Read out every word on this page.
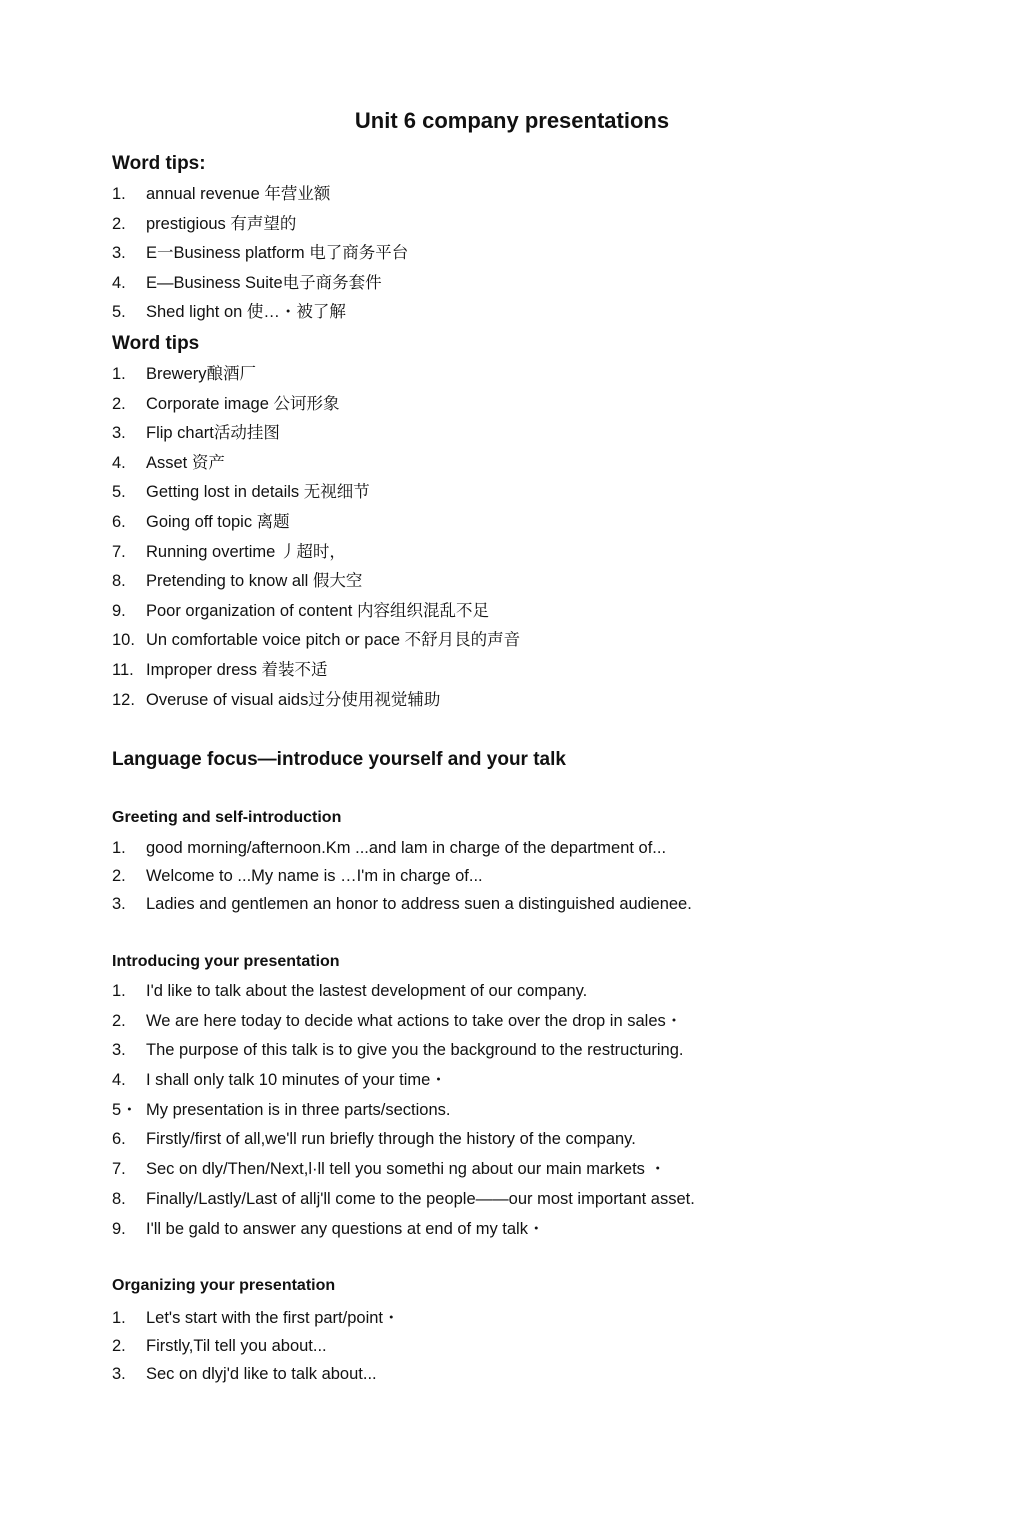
Unit 6 company presentations
Word tips:
1.	annual revenue 年营业额
2.	prestigious 有声望的
3.	E一Business platform 电了商务平台
4.	E—Business Suite电子商务套件
5.	Shed light on 使…・被了解
Word tips
1.	Brewery酿酒厂
2.	Corporate image 公诃形象
3.	Flip chart活动挂图
4.	Asset 资产
5.	Getting lost in details 无视细节
6.	Going off topic 离题
7.	Running overtime 丿超时，
8.	Pretending to know all 假大空
9.	Poor organization of content 内容组织混乱不足
10. Un comfortable voice pitch or pace 不舒月艮的声音
11. Improper dress 着装不适
12. Overuse of visual aids过分使用视觉辅助
Language focus—introduce yourself and your talk
Greeting and self-introduction
1.	good morning/afternoon.Km ...and lam in charge of the department of...
2.	Welcome to ...My name is …I'm in charge of...
3.	Ladies and gentlemen an honor to address suen a distinguished audienee.
Introducing your presentation
1.	I'd like to talk about the lastest development of our company.
2.	We are here today to decide what actions to take over the drop in sales・
3.	The purpose of this talk is to give you the background to the restructuring.
4.	I shall only talk 10 minutes of your time・
5・ My presentation is in three parts/sections.
6.	Firstly/first of all,we'll run briefly through the history of the company.
7.	Sec on dly/Then/Next,l·ll tell you somethi ng about our main markets ・
8.	Finally/Lastly/Last of allj'll come to the people——our most important asset.
9.	I'll be gald to answer any questions at end of my talk・
Organizing your presentation
1.	Let's start with the first part/point・
2.	Firstly,Til tell you about...
3.	Sec on dlyj'd like to talk about...
